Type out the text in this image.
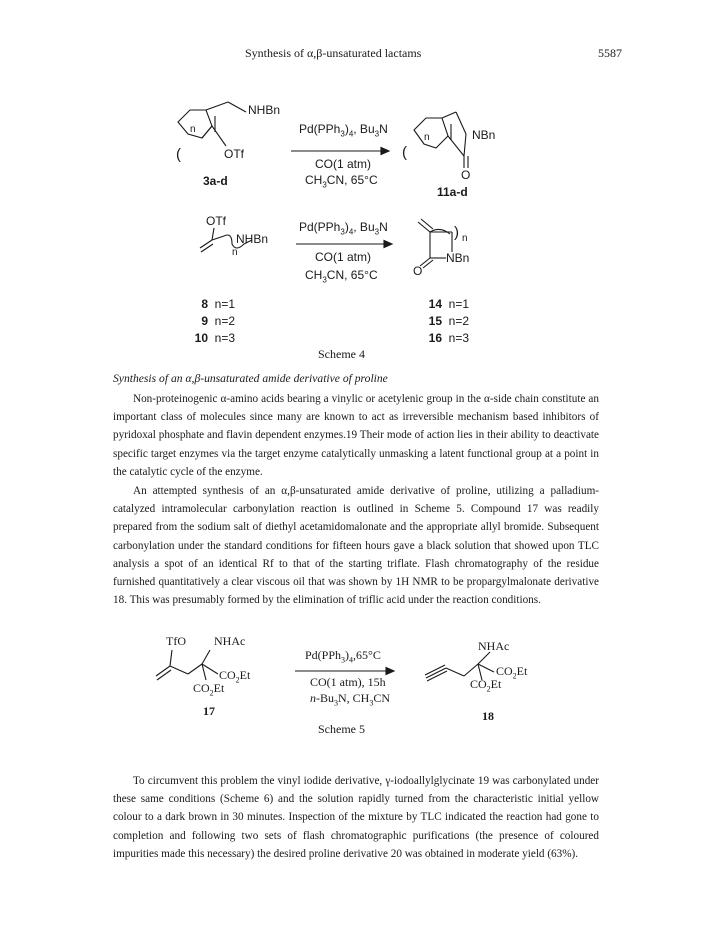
Synthesis of α,β-unsaturated lactams	5587
(
n
NHBn
OTf
3a-d
$Pd(PPh_3)_4$, $Bu_3N$
CO(1 atm)
$CH_3CN$, 65°C
(
n	NBn
O
11a-d
OTf
NHBn
n
$Pd(PPh_3)_4$, $Bu_3N$
CO(1 atm)
$CH_3CN$, 65°C
) n
NBn
O
8 n=1
9 n=2
10 n=3
14 n=1
15 n=2
16 n=3
Scheme 4
Synthesis of an α,β-unsaturated amide derivative of proline

Non-proteinogenic α-amino acids bearing a vinylic or acetylenic group in the α-side chain constitute an important class of molecules since many are known to act as irreversible mechanism based inhibitors of pyridoxal phosphate and flavin dependent enzymes.19 Their mode of action lies in their ability to deactivate specific target enzymes via the target enzyme catalytically unmasking a latent functional group at a point in the catalytic cycle of the enzyme.

An attempted synthesis of an α,β-unsaturated amide derivative of proline, utilizing a palladium-catalyzed intramolecular carbonylation reaction is outlined in Scheme 5. Compound 17 was readily prepared from the sodium salt of diethyl acetamidomalonate and the appropriate allyl bromide. Subsequent carbonylation under the standard conditions for fifteen hours gave a black solution that showed upon TLC analysis a spot of an identical Rf to that of the starting triflate. Flash chromatography of the residue furnished quantitatively a clear viscous oil that was shown by 1H NMR to be propargylmalonate derivative 18. This was presumably formed by the elimination of triflic acid under the reaction conditions.

TfO NHAc
$CO_2Et$
$CO_2Et$
17
$Pd(PPh_3)_4,65^\circ C$
CO(1 atm), 15h
$n-Bu_3N$, $CH_3CN$
NHAc
$CO_2Et$
$CO_2Et$
18
Scheme 5

To circumvent this problem the vinyl iodide derivative, γ-iodoallylglycinate 19 was carbonylated under these same conditions (Scheme 6) and the solution rapidly turned from the characteristic initial yellow colour to a dark brown in 30 minutes. Inspection of the mixture by TLC indicated the reaction had gone to completion and following two sets of flash chromatographic purifications (the presence of coloured impurities made this necessary) the desired proline derivative 20 was obtained in moderate yield (63%).
